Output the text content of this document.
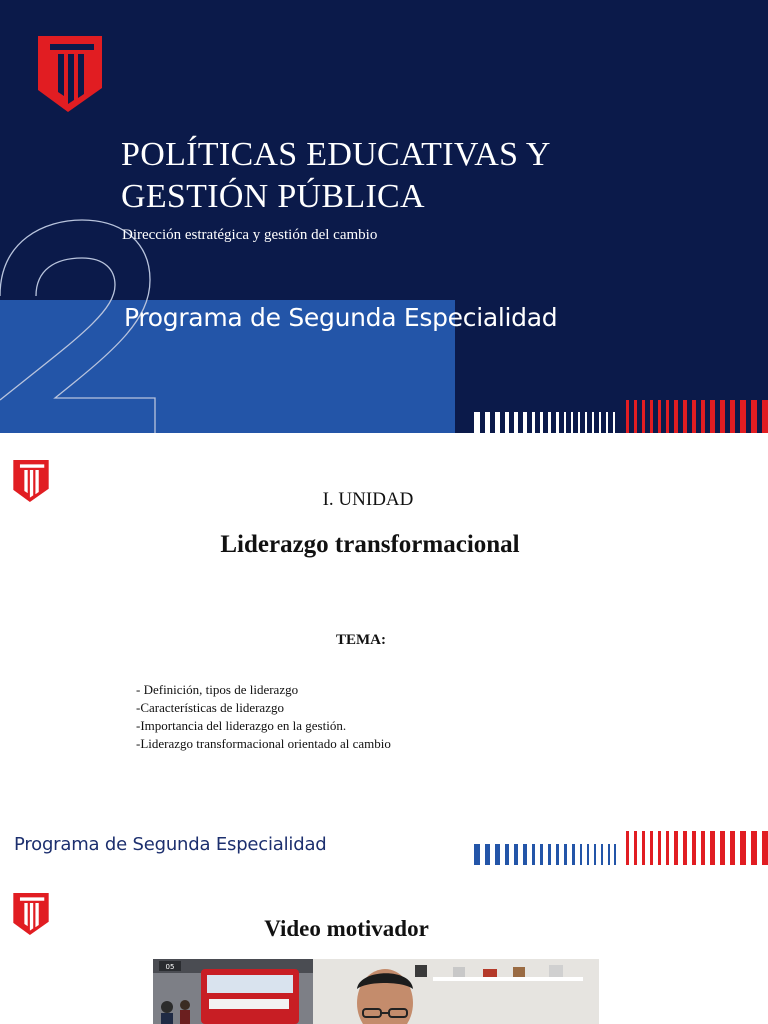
POLÍTICAS EDUCATIVAS Y
GESTIÓN PÚBLICA
Dirección estratégica y gestión del cambio
Programa de Segunda Especialidad
I. UNIDAD
Liderazgo transformacional
TEMA:
- Definición, tipos de liderazgo
-Características de liderazgo
-Importancia del liderazgo en la gestión.
-Liderazgo transformacional orientado al cambio
Programa de Segunda Especialidad
Video motivador
05
